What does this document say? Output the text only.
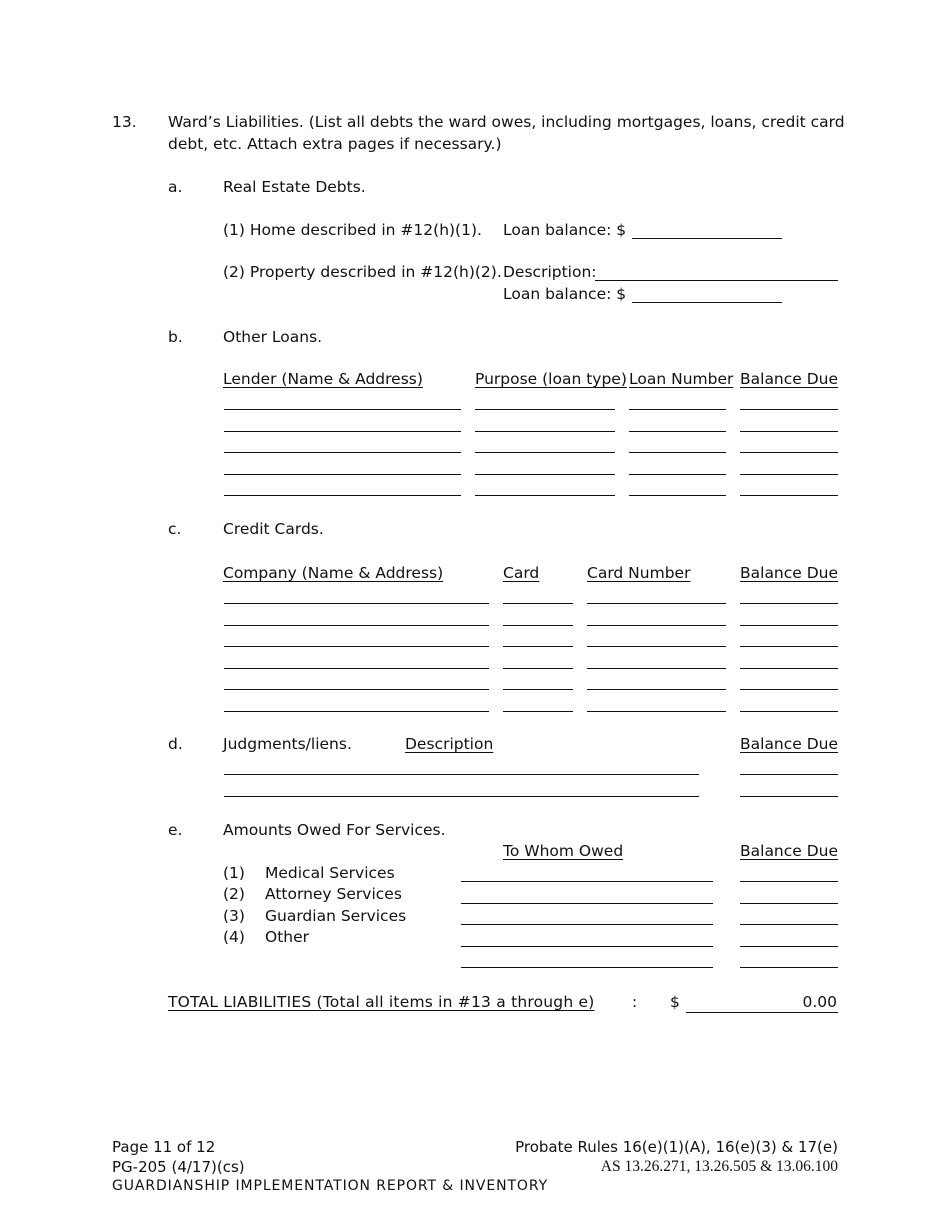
13. Ward’s Liabilities. (List all debts the ward owes, including mortgages, loans, credit card
debt, etc. Attach extra pages if necessary.)
a.	Real Estate Debts.
(1) Home described in #12(h)(1). Loan balance: $
(2) Property described in #12(h)(2). Description:
Loan balance: $
b.	Other Loans.
Lender (Name & Address)	Purpose (loan type) Loan Number Balance Due
c.	Credit Cards.
Company (Name & Address)	Card	Card Number	Balance Due
d.	Judgments/liens.	Description	Balance Due
e.	Amounts Owed For Services.
To Whom Owed	Balance Due
(1) Medical Services
(2) Attorney Services
(3) Guardian Services
(4) Other
TOTAL LIABILITIES (Total all items in #13 a through e) : $	0.00
Page 11 of 12
PG-205 (4/17)(cs)
GUARDIANSHIP IMPLEMENTATION REPORT & INVENTORY
Probate Rules 16(e)(1)(A), 16(e)(3) & 17(e)
AS 13.26.271, 13.26.505 & 13.06.100
